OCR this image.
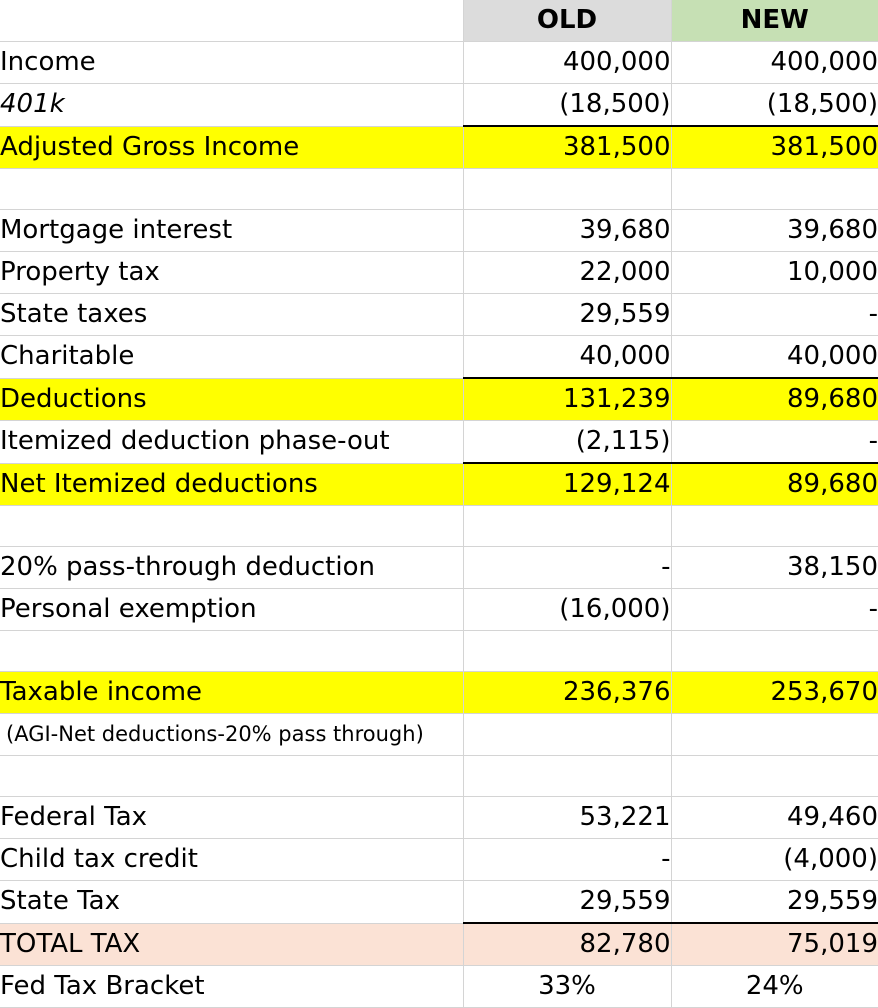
	OLD	NEW
Income	400,000	400,000
401k	(18,500)	(18,500)
Adjusted Gross Income	381,500	381,500

Mortgage interest	39,680	39,680
Property tax	22,000	10,000
State taxes	29,559	-
Charitable	40,000	40,000
Deductions	131,239	89,680
Itemized deduction phase-out	(2,115)	-
Net Itemized deductions	129,124	89,680

20% pass-through deduction	-	38,150
Personal exemption	(16,000)	-

Taxable income	236,376	253,670
(AGI-Net deductions-20% pass through)		

Federal Tax	53,221	49,460
Child tax credit	-	(4,000)
State Tax	29,559	29,559
TOTAL TAX	82,780	75,019
Fed Tax Bracket	33%	24%
